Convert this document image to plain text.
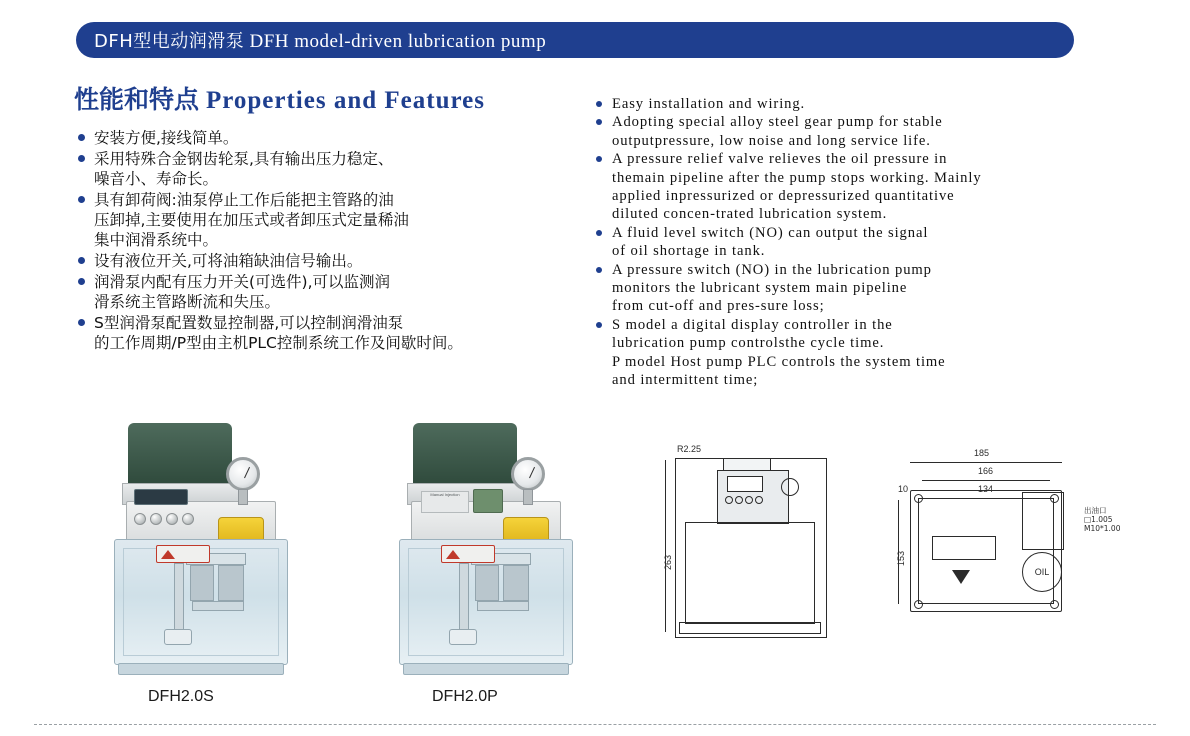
DFH型电动润滑泵 DFH model-driven lubrication pump
性能和特点 Properties and Features
安装方便,接线简单。
采用特殊合金钢齿轮泵,具有输出压力稳定、
噪音小、寿命长。
具有卸荷阀:油泵停止工作后能把主管路的油
压卸掉,主要使用在加压式或者卸压式定量稀油
集中润滑系统中。
设有液位开关,可将油箱缺油信号输出。
润滑泵内配有压力开关(可选件),可以监测润
滑系统主管路断流和失压。
S型润滑泵配置数显控制器,可以控制润滑油泵
的工作周期/P型由主机PLC控制系统工作及间歇时间。
Easy installation and wiring.
Adopting special alloy steel gear pump for stable
outputpressure, low noise and long service life.
A pressure relief valve relieves the oil pressure in
themain pipeline after the pump stops working. Mainly
applied inpressurized or depressurized quantitative
diluted concen-trated lubrication system.
A fluid level switch (NO) can output the signal
of oil shortage in tank.
A pressure switch (NO) in the lubrication pump
monitors the lubricant system main pipeline
from cut-off and pres-sure loss;
S model a digital display controller in the
lubrication pump controlsthe cycle time.
P model Host pump PLC controls the system time
and intermittent time;
Manual Injection
DFH2.0S	DFH2.0P
263
R2.25	185
166
134
10
153
OIL
出油口
□1.005
M10*1.00
